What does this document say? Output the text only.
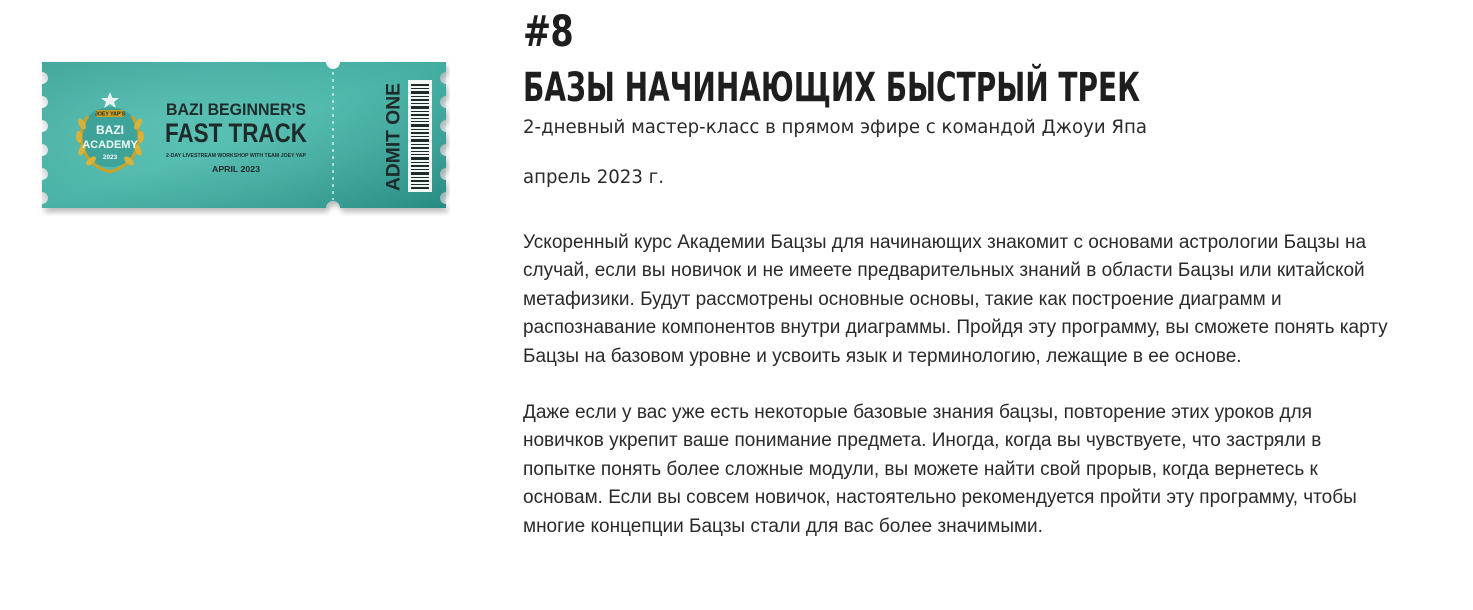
JOEY YAP'S
BAZI
ACADEMY
2023
BAZI BEGINNER'S
FAST TRACK
2-DAY LIVESTREAM WORKSHOP WITH TEAM JOEY YAP
APRIL 2023	ADMIT ONE
#8
БАЗЫ НАЧИНАЮЩИХ БЫСТРЫЙ ТРЕК

2-дневный мастер-класс в прямом эфире с командой Джоуи Япа

апрель 2023 г.

Ускоренный курс Академии Бацзы для начинающих знакомит с основами астрологии Бацзы на
случай, если вы новичок и не имеете предварительных знаний в области Бацзы или китайской
метафизики. Будут рассмотрены основные основы, такие как построение диаграмм и
распознавание компонентов внутри диаграммы. Пройдя эту программу, вы сможете понять карту
Бацзы на базовом уровне и усвоить язык и терминологию, лежащие в ее основе.

Даже если у вас уже есть некоторые базовые знания бацзы, повторение этих уроков для
новичков укрепит ваше понимание предмета. Иногда, когда вы чувствуете, что застряли в
попытке понять более сложные модули, вы можете найти свой прорыв, когда вернетесь к
основам. Если вы совсем новичок, настоятельно рекомендуется пройти эту программу, чтобы
многие концепции Бацзы стали для вас более значимыми.
